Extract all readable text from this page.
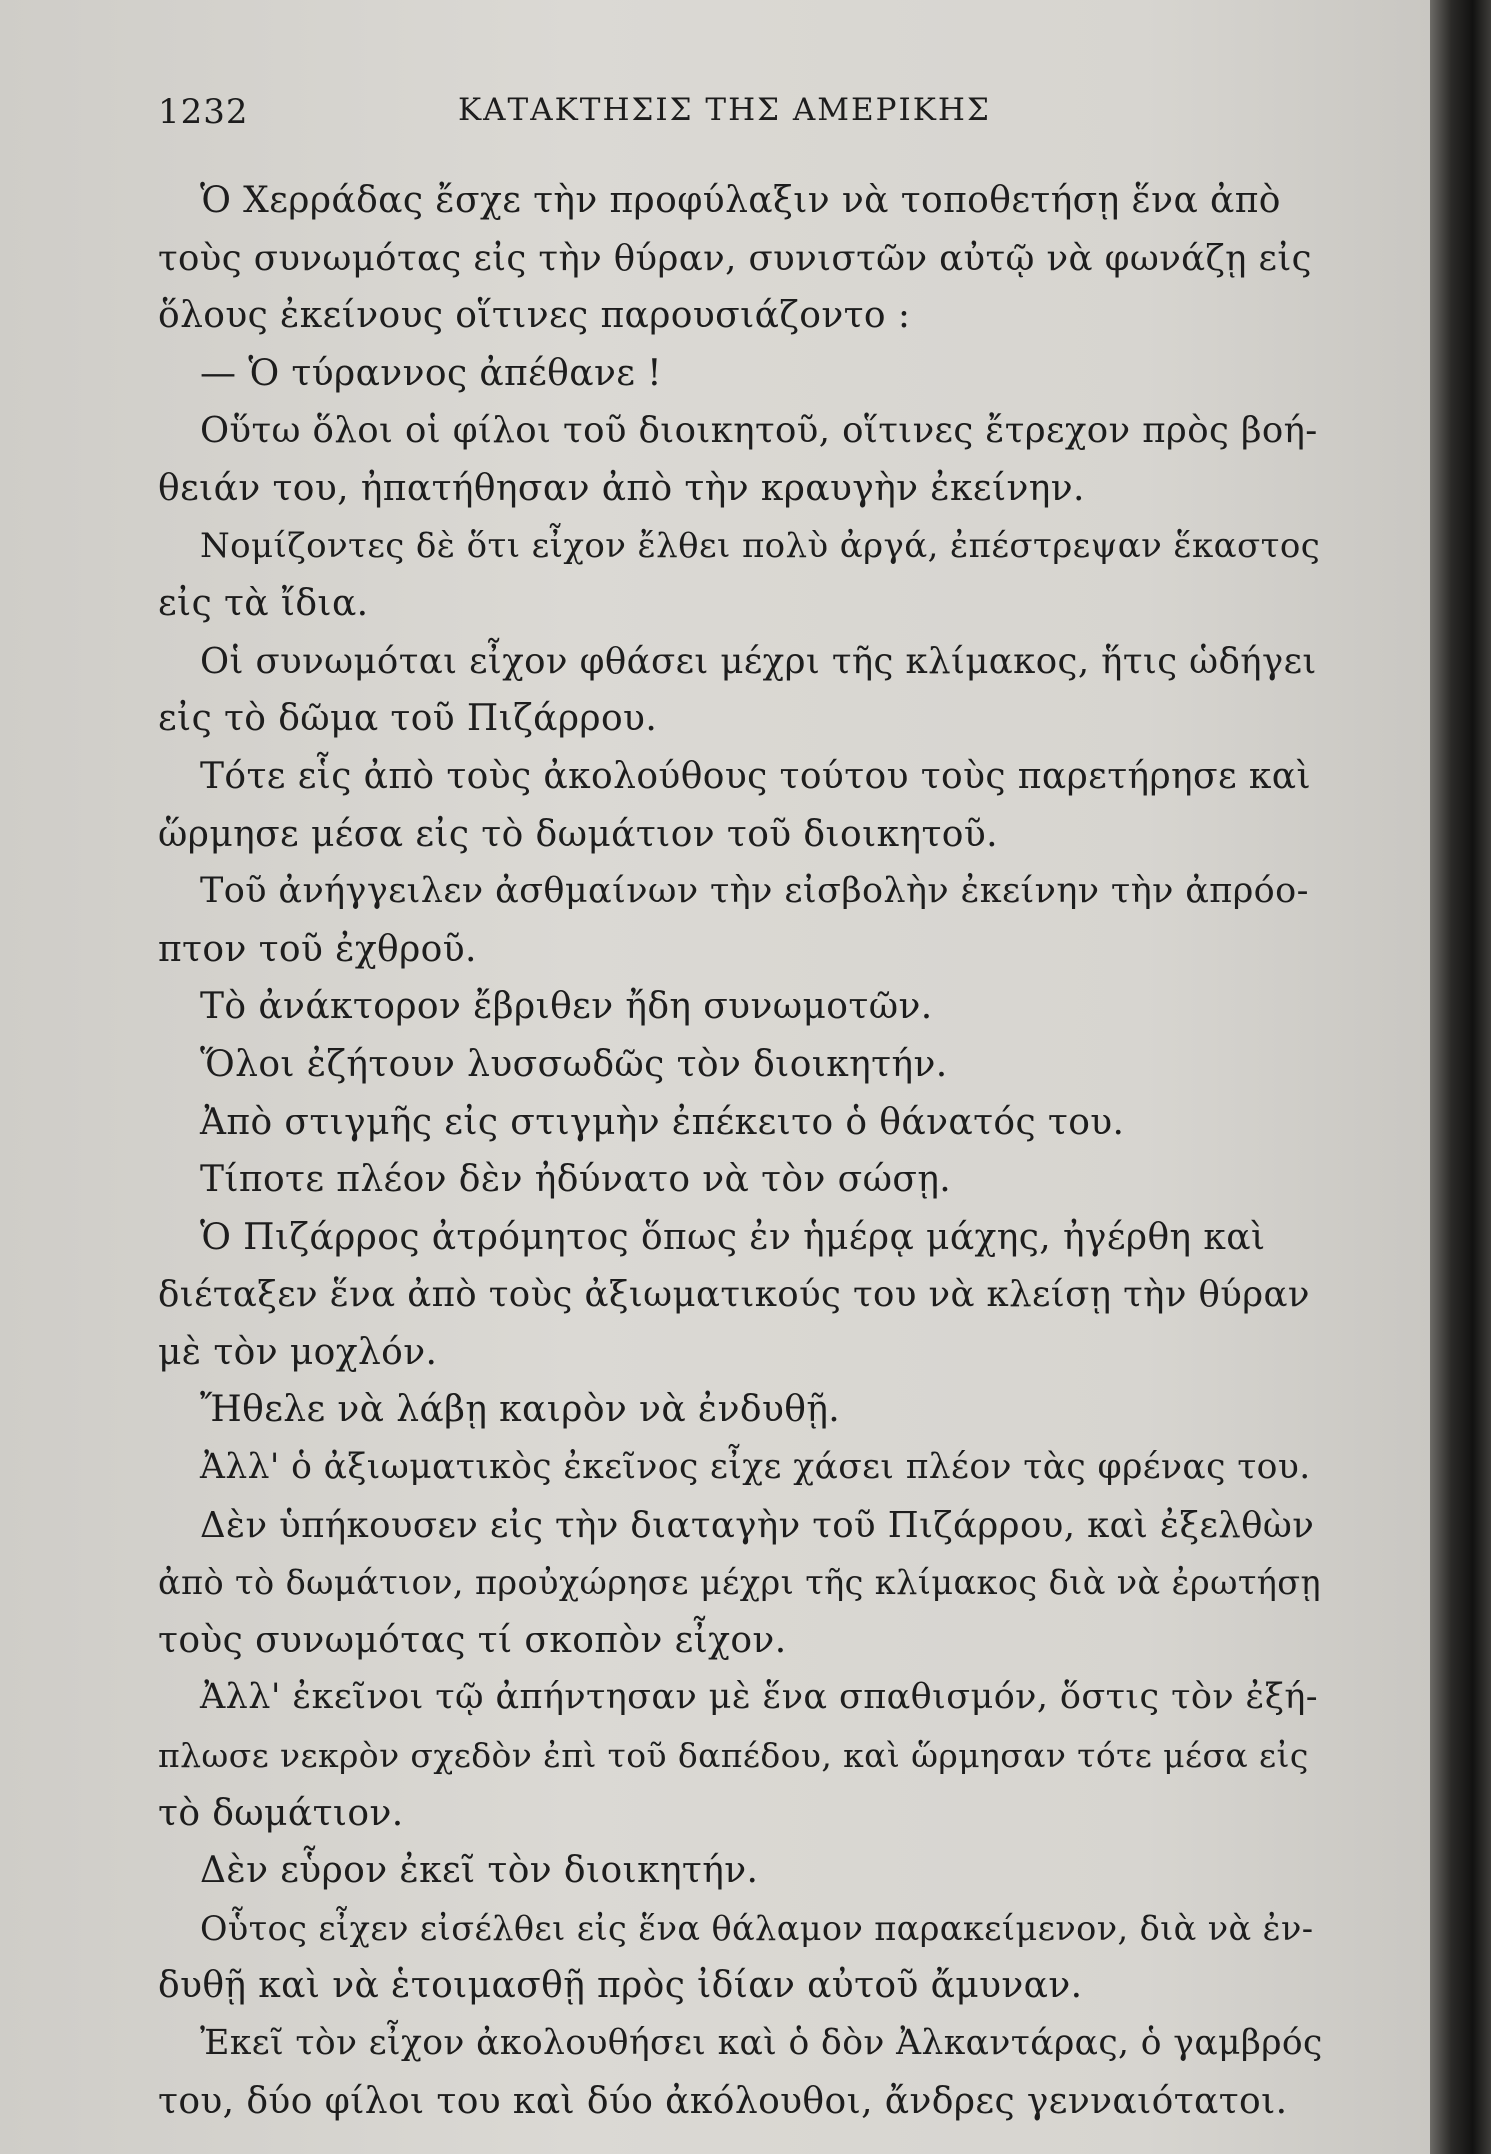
1232	ΚΑΤΑΚΤΗΣΙΣ ΤΗΣ ΑΜΕΡΙΚΗΣ
Ὁ Χερράδας ἔσχε τὴν προφύλαξιν νὰ τοποθετήσῃ ἕνα ἀπὸ
τοὺς συνωμότας εἰς τὴν θύραν, συνιστῶν αὐτῷ νὰ φωνάζῃ εἰς
ὅλους ἐκείνους οἵτινες παρουσιάζοντο :
— Ὁ τύραννος ἀπέθανε !
Οὕτω ὅλοι οἱ φίλοι τοῦ διοικητοῦ, οἵτινες ἔτρεχον πρὸς βοή-
θειάν του, ἠπατήθησαν ἀπὸ τὴν κραυγὴν ἐκείνην.
Νομίζοντες δὲ ὅτι εἶχον ἔλθει πολὺ ἀργά, ἐπέστρεψαν ἕκαστος
εἰς τὰ ἴδια.
Οἱ συνωμόται εἶχον φθάσει μέχρι τῆς κλίμακος, ἥτις ὡδήγει
εἰς τὸ δῶμα τοῦ Πιζάρρου.
Τότε εἷς ἀπὸ τοὺς ἀκολούθους τούτου τοὺς παρετήρησε καὶ
ὥρμησε μέσα εἰς τὸ δωμάτιον τοῦ διοικητοῦ.
Τοῦ ἀνήγγειλεν ἀσθμαίνων τὴν εἰσβολὴν ἐκείνην τὴν ἀπρόο-
πτον τοῦ ἐχθροῦ.
Τὸ ἀνάκτορον ἔβριθεν ἤδη συνωμοτῶν.
Ὅλοι ἐζήτουν λυσσωδῶς τὸν διοικητήν.
Ἀπὸ στιγμῆς εἰς στιγμὴν ἐπέκειτο ὁ θάνατός του.
Τίποτε πλέον δὲν ἠδύνατο νὰ τὸν σώσῃ.
Ὁ Πιζάρρος ἀτρόμητος ὅπως ἐν ἡμέρᾳ μάχης, ἠγέρθη καὶ
διέταξεν ἕνα ἀπὸ τοὺς ἀξιωματικούς του νὰ κλείσῃ τὴν θύραν
μὲ τὸν μοχλόν.
Ἤθελε νὰ λάβῃ καιρὸν νὰ ἐνδυθῇ.
Ἀλλ' ὁ ἀξιωματικὸς ἐκεῖνος εἶχε χάσει πλέον τὰς φρένας του.
Δὲν ὑπήκουσεν εἰς τὴν διαταγὴν τοῦ Πιζάρρου, καὶ ἐξελθὼν
ἀπὸ τὸ δωμάτιον, προὐχώρησε μέχρι τῆς κλίμακος διὰ νὰ ἐρωτήσῃ
τοὺς συνωμότας τί σκοπὸν εἶχον.
Ἀλλ' ἐκεῖνοι τῷ ἀπήντησαν μὲ ἕνα σπαθισμόν, ὅστις τὸν ἐξή-
πλωσε νεκρὸν σχεδὸν ἐπὶ τοῦ δαπέδου, καὶ ὥρμησαν τότε μέσα εἰς
τὸ δωμάτιον.
Δὲν εὗρον ἐκεῖ τὸν διοικητήν.
Οὗτος εἶχεν εἰσέλθει εἰς ἕνα θάλαμον παρακείμενον, διὰ νὰ ἐν-
δυθῇ καὶ νὰ ἑτοιμασθῇ πρὸς ἰδίαν αὐτοῦ ἄμυναν.
Ἐκεῖ τὸν εἶχον ἀκολουθήσει καὶ ὁ δὸν Ἀλκαντάρας, ὁ γαμβρός
του, δύο φίλοι του καὶ δύο ἀκόλουθοι, ἄνδρες γενναιότατοι.
